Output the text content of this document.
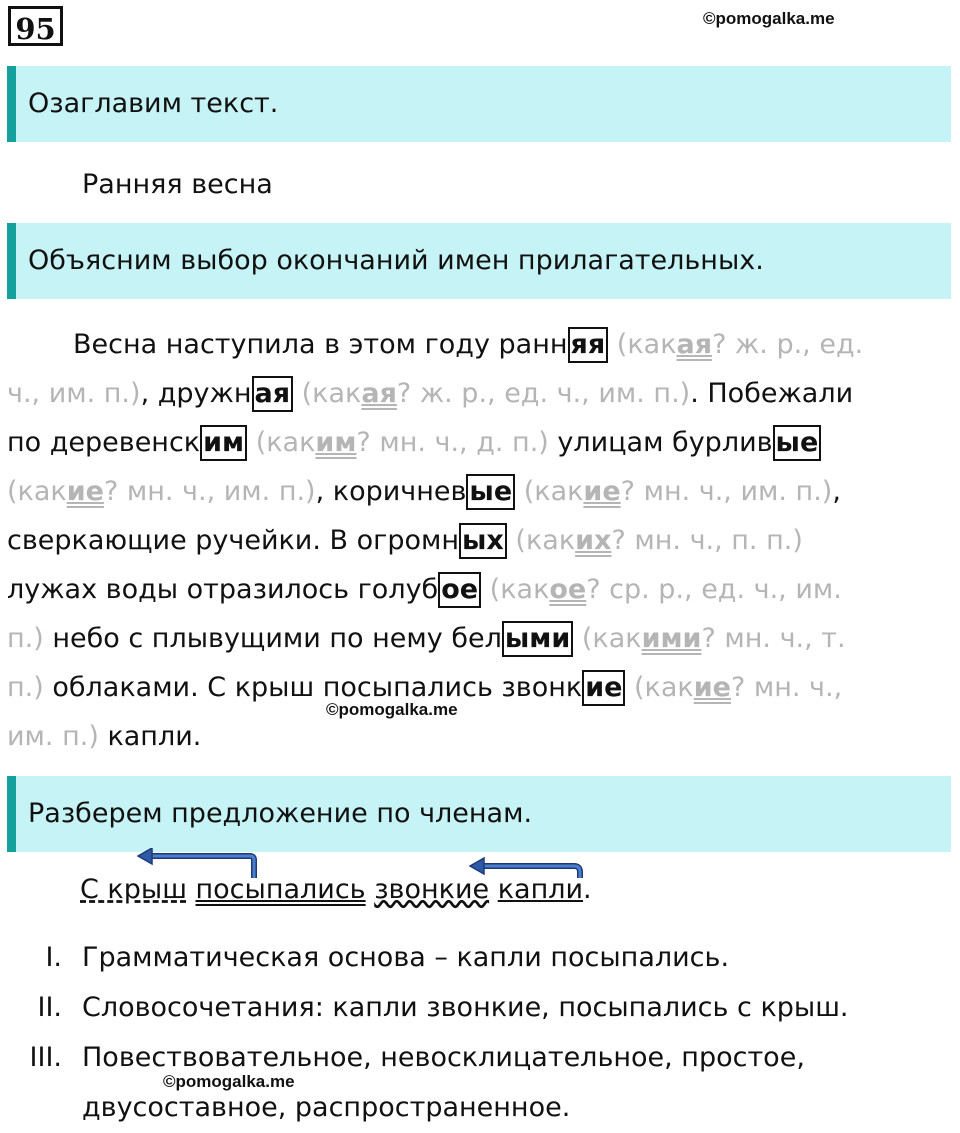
95	©pomogalka.me
Озаглавим текст.
Ранняя весна
Объясним выбор окончаний имен прилагательных.
Весна наступила в этом году ранн яя (какая? ж. р., ед.
ч., им. п.), дружн ая (какая? ж. р., ед. ч., им. п.). Побежали
по деревенск им (каким? мн. ч., д. п.) улицам бурлив ые
(какие? мн. ч., им. п.), коричнев ые (какие? мн. ч., им. п.),
сверкающие ручейки. В огромн ых (каких? мн. ч., п. п.)
лужах воды отразилось голуб ое (какое? ср. р., ед. ч., им.
п.) небо с плывущими по нему бел ыми (какими? мн. ч., т.
п.) облаками. С крыш посыпались звонк ие (какие? мн. ч.,
им. п.) капли.
©pomogalka.me
Разберем предложение по членам.
С крыш посыпались звонкие капли.
I. Грамматическая основа – капли посыпались.
II. Словосочетания: капли звонкие, посыпались с крыш.
III. Повествовательное, невосклицательное, простое,
двусоставное, распространенное.
©pomogalka.me
